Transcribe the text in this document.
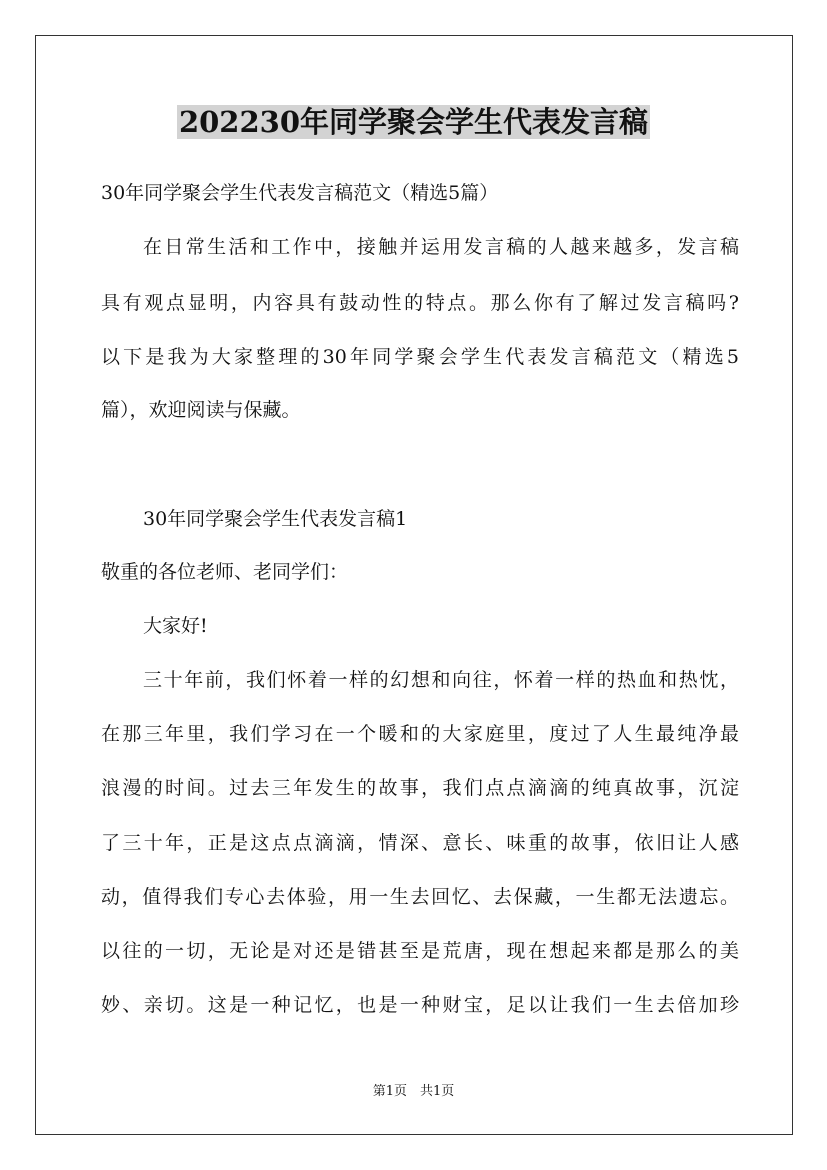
202230年同学聚会学生代表发言稿
30年同学聚会学生代表发言稿范文（精选5篇）
在日常生活和工作中，接触并运用发言稿的人越来越多，发言稿
具有观点显明，内容具有鼓动性的特点。那么你有了解过发言稿吗?
以下是我为大家整理的30年同学聚会学生代表发言稿范文（精选5
篇），欢迎阅读与保藏。
30年同学聚会学生代表发言稿1
敬重的各位老师、老同学们：
大家好!
三十年前，我们怀着一样的幻想和向往，怀着一样的热血和热忱，
在那三年里，我们学习在一个暖和的大家庭里，度过了人生最纯净最
浪漫的时间。过去三年发生的故事，我们点点滴滴的纯真故事，沉淀
了三十年，正是这点点滴滴，情深、意长、味重的故事，依旧让人感
动，值得我们专心去体验，用一生去回忆、去保藏，一生都无法遗忘。
以往的一切，无论是对还是错甚至是荒唐，现在想起来都是那么的美
妙、亲切。这是一种记忆，也是一种财宝，足以让我们一生去倍加珍
第1页　共1页
